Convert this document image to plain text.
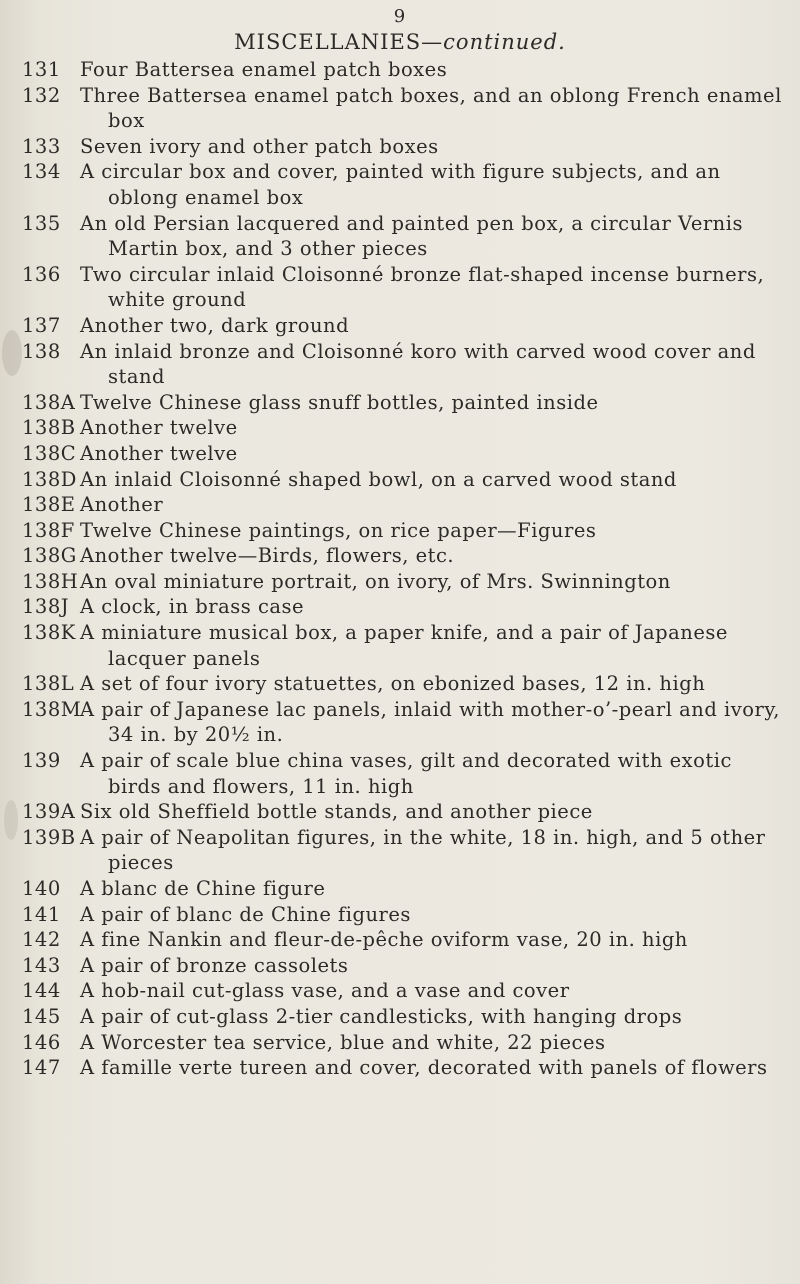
9
MISCELLANIES—continued.
131 Four Battersea enamel patch boxes
132 Three Battersea enamel patch boxes, and an oblong French enamel box
133 Seven ivory and other patch boxes
134 A circular box and cover, painted with figure subjects, and an oblong enamel box
135 An old Persian lacquered and painted pen box, a circular Vernis Martin box, and 3 other pieces
136 Two circular inlaid Cloisonné bronze flat-shaped incense burners, white ground
137 Another two, dark ground
138 An inlaid bronze and Cloisonné koro with carved wood cover and stand
138A Twelve Chinese glass snuff bottles, painted inside
138B Another twelve
138C Another twelve
138D An inlaid Cloisonné shaped bowl, on a carved wood stand
138E Another
138F Twelve Chinese paintings, on rice paper—Figures
138G Another twelve—Birds, flowers, etc.
138H An oval miniature portrait, on ivory, of Mrs. Swinnington
138J A clock, in brass case
138K A miniature musical box, a paper knife, and a pair of Japanese lacquer panels
138L A set of four ivory statuettes, on ebonized bases, 12 in. high
138M
A pair of Japanese lac panels, inlaid with mother-o’-pearl and ivory, 34 in. by 20½ in.
139 A pair of scale blue china vases, gilt and decorated with exotic birds and flowers, 11 in. high
139A Six old Sheffield bottle stands, and another piece
139B A pair of Neapolitan figures, in the white, 18 in. high, and 5 other pieces
140 A blanc de Chine figure
141 A pair of blanc de Chine figures
142 A fine Nankin and fleur-de-pêche oviform vase, 20 in. high
143 A pair of bronze cassolets
144 A hob-nail cut-glass vase, and a vase and cover
145 A pair of cut-glass 2-tier candlesticks, with hanging drops
146 A Worcester tea service, blue and white, 22 pieces
147 A famille verte tureen and cover, decorated with panels of flowers
